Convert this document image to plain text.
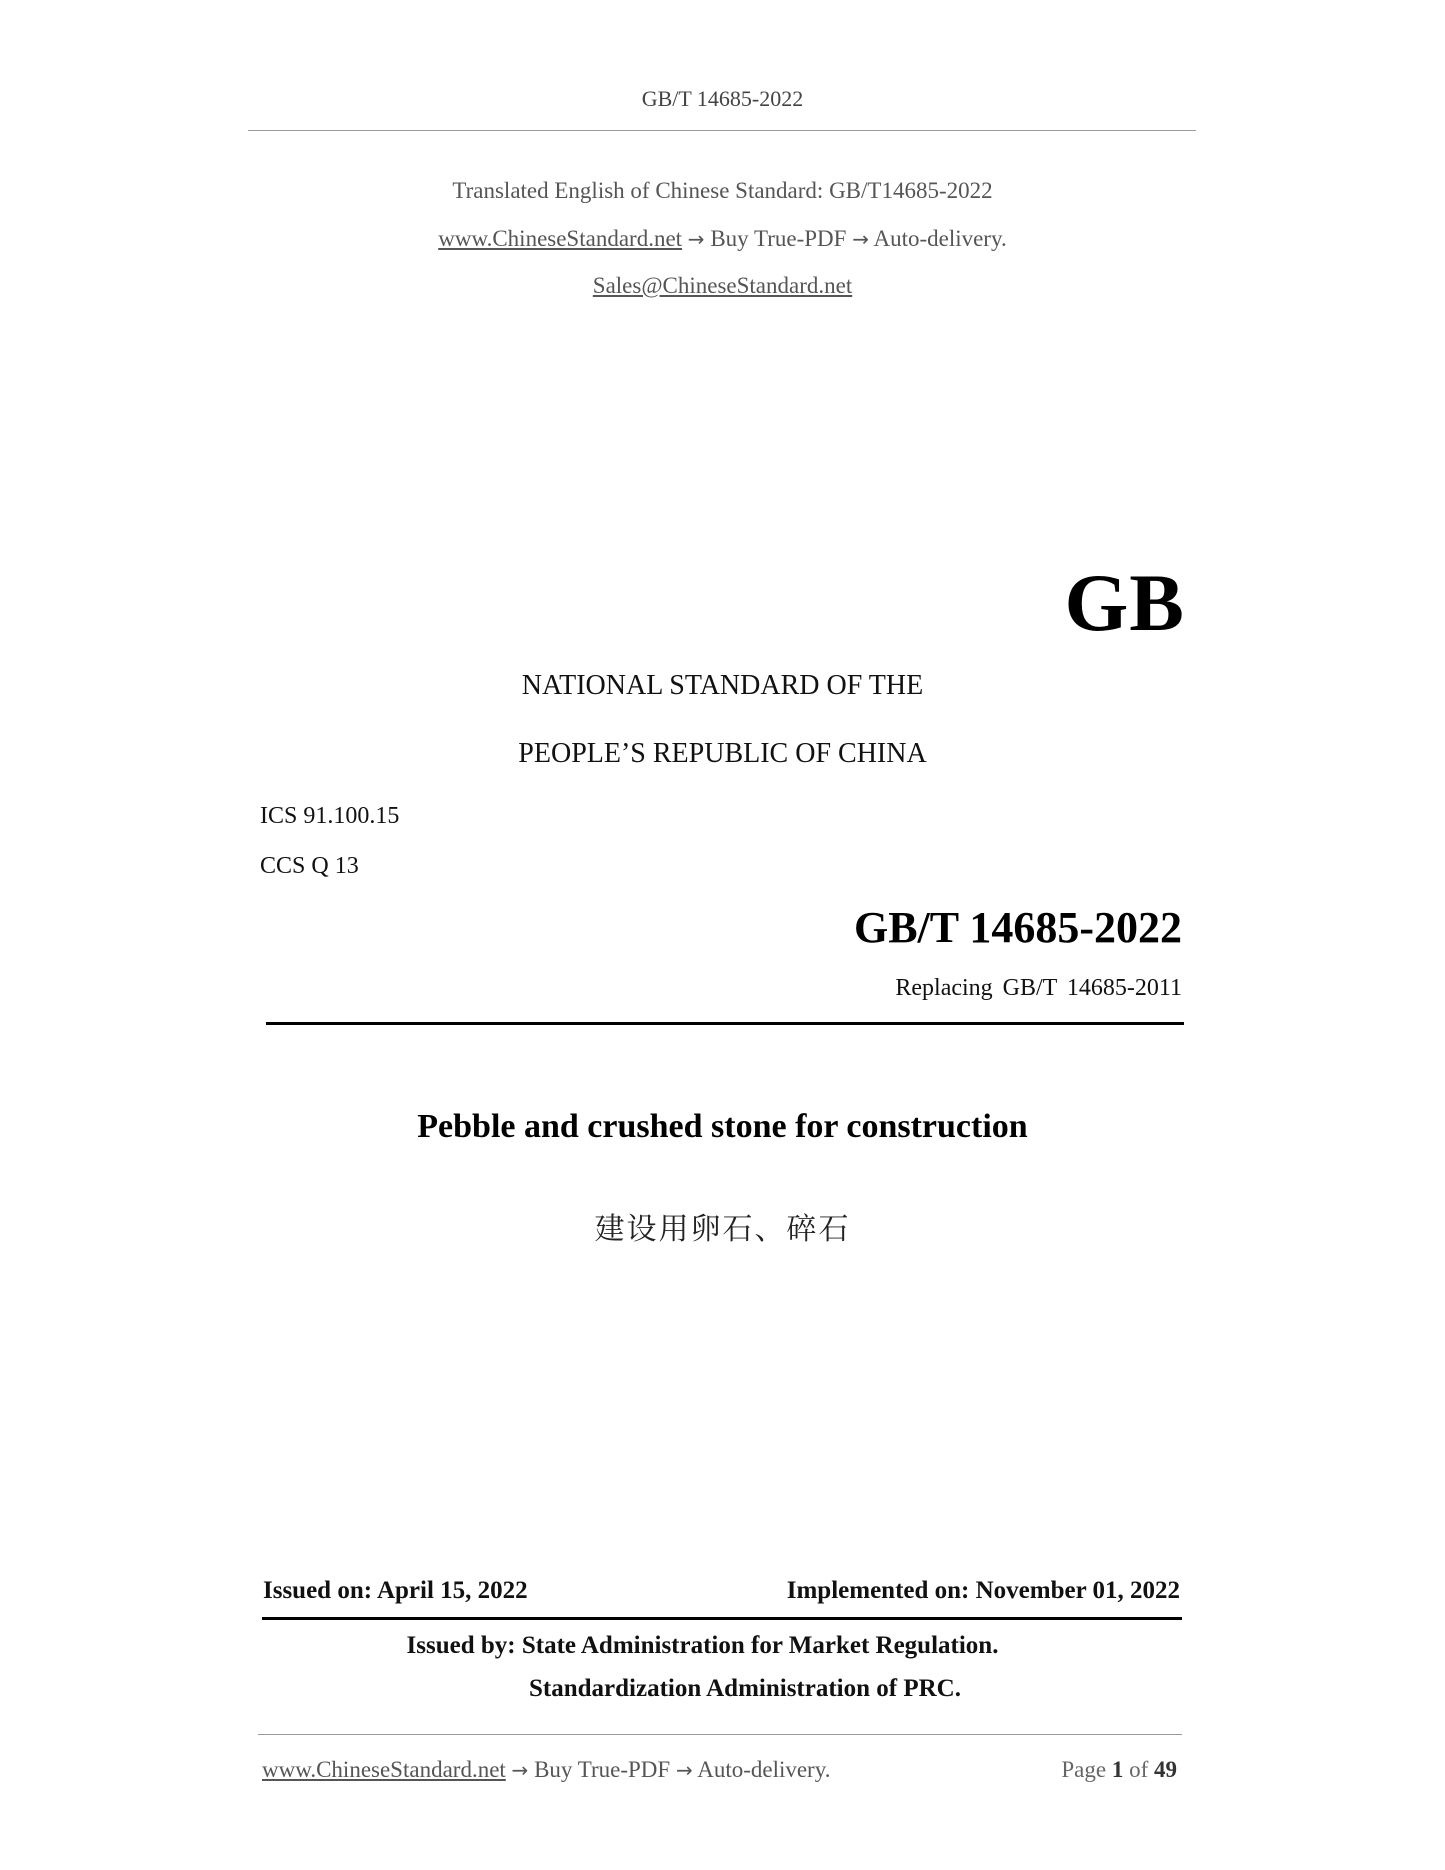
GB/T 14685-2022
Translated English of Chinese Standard: GB/T14685-2022
www.ChineseStandard.net → Buy True-PDF → Auto-delivery.
Sales@ChineseStandard.net
GB
NATIONAL STANDARD OF THE
PEOPLE’S REPUBLIC OF CHINA
ICS 91.100.15
CCS Q 13
GB/T 14685-2022
Replacing GB/T 14685-2011
Pebble and crushed stone for construction
建设用卵石、碎石
Issued on: April 15, 2022	Implemented on: November 01, 2022
Issued by: State Administration for Market Regulation.
Standardization Administration of PRC.
www.ChineseStandard.net → Buy True-PDF → Auto-delivery.	Page 1 of 49
